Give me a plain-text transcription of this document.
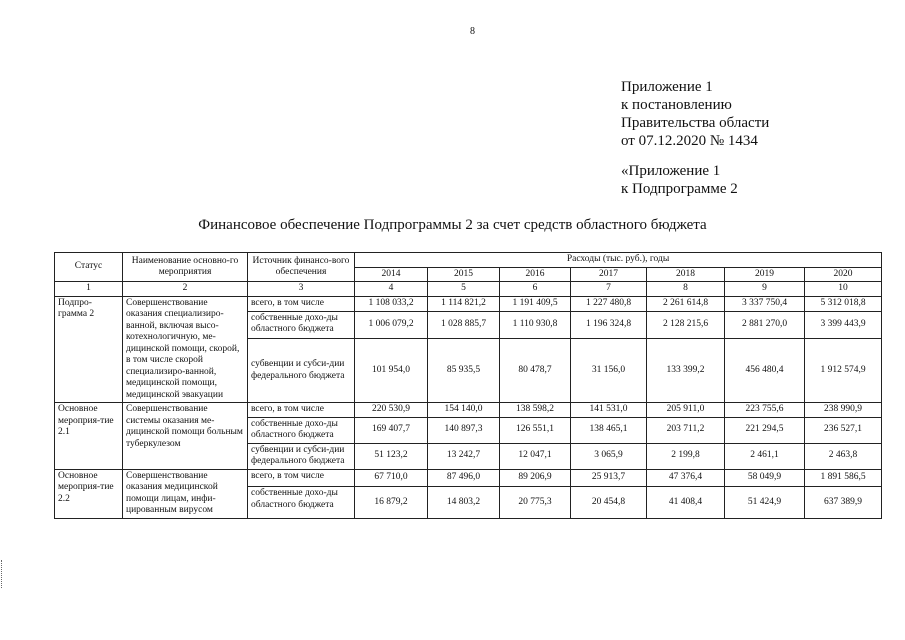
8
Приложение 1
к постановлению
Правительства области
от 07.12.2020 № 1434
«Приложение 1
к Подпрограмме 2
Финансовое обеспечение Подпрограммы 2 за счет средств областного бюджета
Статус	Наименование основно-го мероприятия	Источник финансо-вого обеспечения	Расходы (тыс. руб.), годы						
			2014	2015	2016	2017	2018	2019	2020
1	2	3	4	5	6	7	8	9	10
Подпро-грамма 2	Совершенствование оказания специализиро-ванной, включая высо-котехнологичную, ме-дицинской помощи, скорой, в том числе скорой специализиро-ванной, медицинской помощи, медицинской эвакуации	всего, в том числе	1 108 033,2	1 114 821,2	1 191 409,5	1 227 480,8	2 261 614,8	3 337 750,4	5 312 018,8
		собственные дохо-ды областного бюджета	1 006 079,2	1 028 885,7	1 110 930,8	1 196 324,8	2 128 215,6	2 881 270,0	3 399 443,9
		субвенции и субси-дии федерального бюджета	101 954,0	85 935,5	80 478,7	31 156,0	133 399,2	456 480,4	1 912 574,9
Основное мероприя-тие 2.1	Совершенствование системы оказания ме-дицинской помощи больным туберкулезом	всего, в том числе	220 530,9	154 140,0	138 598,2	141 531,0	205 911,0	223 755,6	238 990,9
		собственные дохо-ды областного бюджета	169 407,7	140 897,3	126 551,1	138 465,1	203 711,2	221 294,5	236 527,1
		субвенции и субси-дии федерального бюджета	51 123,2	13 242,7	12 047,1	3 065,9	2 199,8	2 461,1	2 463,8
Основное мероприя-тие 2.2	Совершенствование оказания медицинской помощи лицам, инфи-цированным вирусом	всего, в том числе	67 710,0	87 496,0	89 206,9	25 913,7	47 376,4	58 049,9	1 891 586,5
		собственные дохо-ды областного бюджета	16 879,2	14 803,2	20 775,3	20 454,8	41 408,4	51 424,9	637 389,9
